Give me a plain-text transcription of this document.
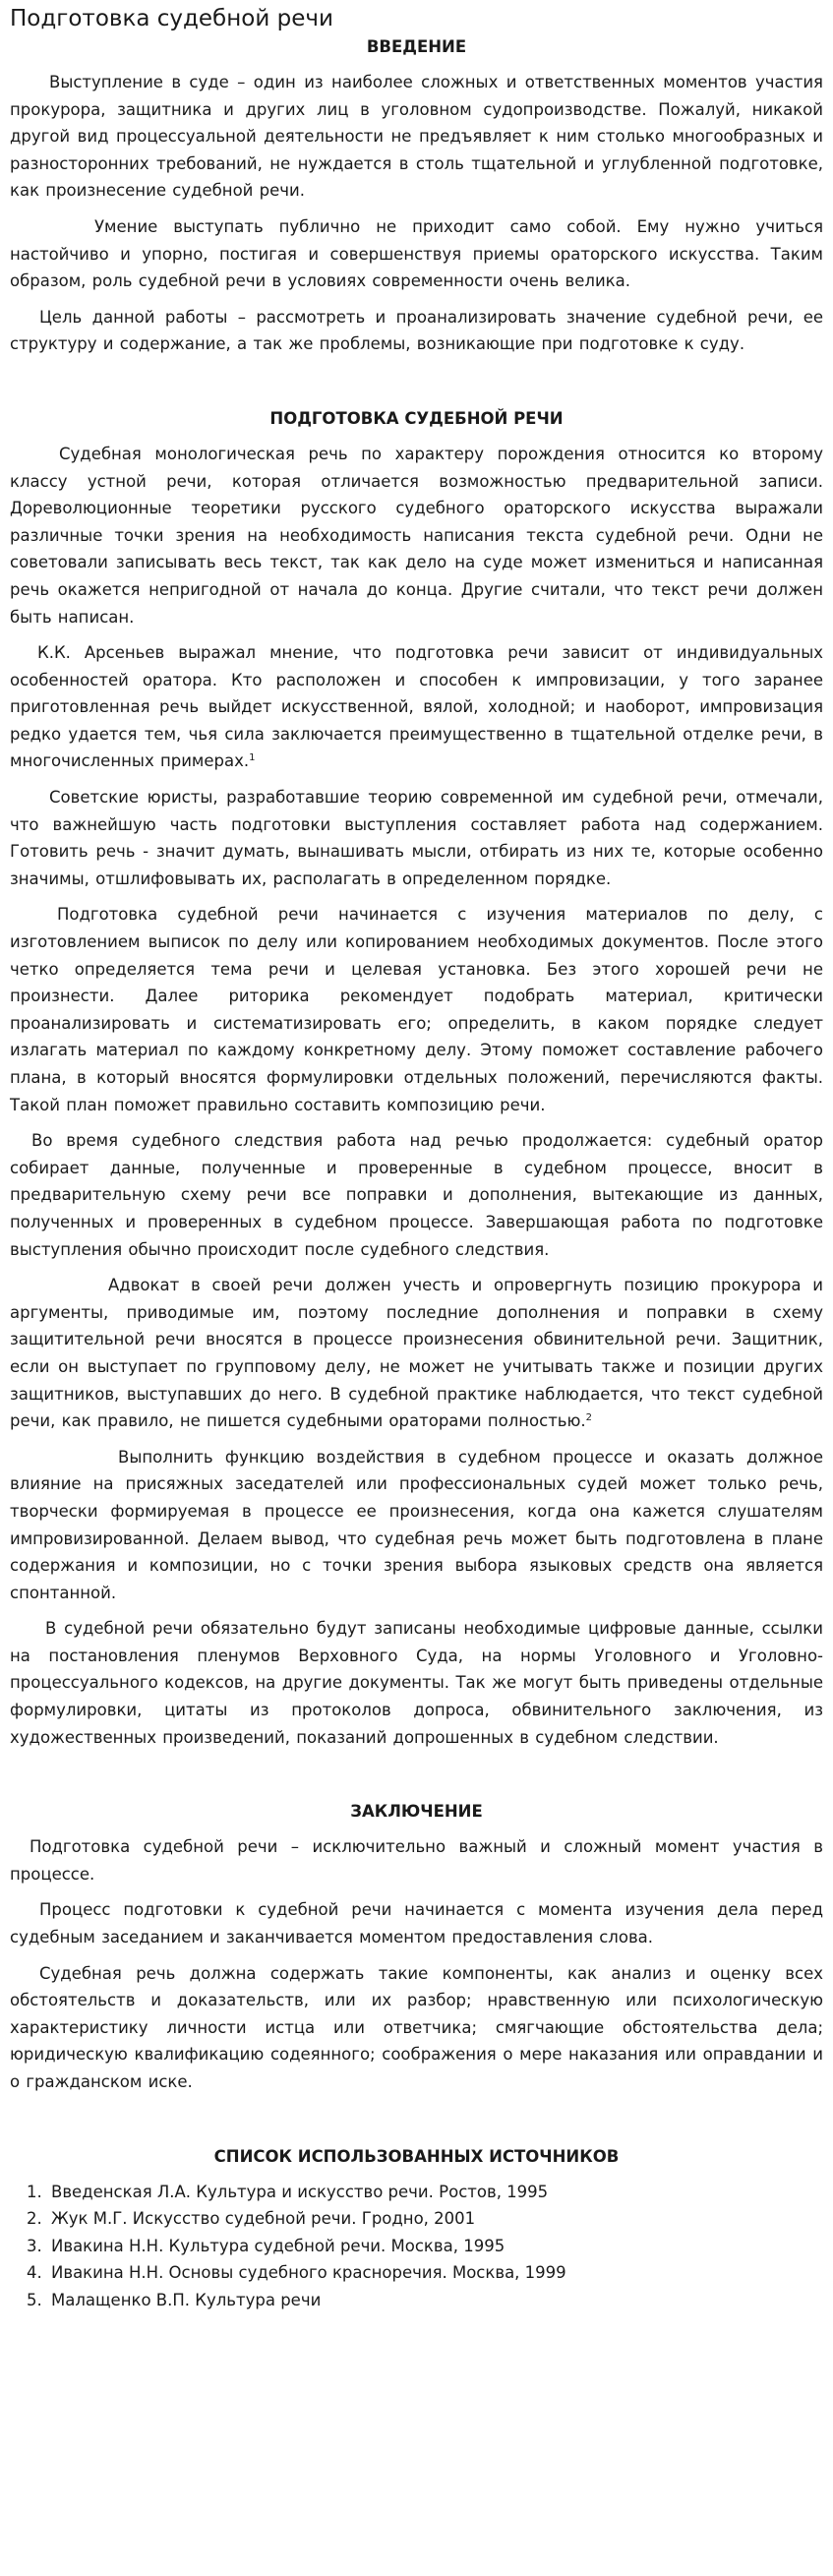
Подготовка судебной речи
ВВЕДЕНИЕ

Выступление в суде – один из наиболее сложных и ответственных моментов участия прокурора, защитника и других лиц в уголовном судопроизводстве. Пожалуй, никакой другой вид процессуальной деятельности не предъявляет к ним столько многообразных и разносторонних требований, не нуждается в столь тщательной и углубленной подготовке, как произнесение судебной речи.

Умение выступать публично не приходит само собой. Ему нужно учиться настойчиво и упорно, постигая и совершенствуя приемы ораторского искусства. Таким образом, роль судебной речи в условиях современности очень велика.

Цель данной работы – рассмотреть и проанализировать значение судебной речи, ее структуру и содержание, а так же проблемы, возникающие при подготовке к суду.

ПОДГОТОВКА СУДЕБНОЙ РЕЧИ

Судебная монологическая речь по характеру порождения относится ко второму классу устной речи, которая отличается возможностью предварительной записи. Дореволюционные теоретики русского судебного ораторского искусства выражали различные точки зрения на необходимость написания текста судебной речи. Одни не советовали записывать весь текст, так как дело на суде может измениться и написанная речь окажется непригодной от начала до конца. Другие считали, что текст речи должен быть написан.

К.К. Арсеньев выражал мнение, что подготовка речи зависит от индивидуальных особенностей оратора. Кто расположен и способен к импровизации, у того заранее приготовленная речь выйдет искусственной, вялой, холодной; и наоборот, импровизация редко удается тем, чья сила заключается преимущественно в тщательной отделке речи, в многочисленных примерах.$^1$

Советские юристы, разработавшие теорию современной им судебной речи, отмечали, что важнейшую часть подготовки выступления составляет работа над содержанием. Готовить речь - значит думать, вынашивать мысли, отбирать из них те, которые особенно значимы, отшлифовывать их, располагать в определенном порядке.

Подготовка судебной речи начинается с изучения материалов по делу, с изготовлением выписок по делу или копированием необходимых документов. После этого четко определяется тема речи и целевая установка. Без этого хорошей речи не произнести. Далее риторика рекомендует подобрать материал, критически проанализировать и систематизировать его; определить, в каком порядке следует излагать материал по каждому конкретному делу. Этому поможет составление рабочего плана, в который вносятся формулировки отдельных положений, перечисляются факты. Такой план поможет правильно составить композицию речи.

Во время судебного следствия работа над речью продолжается: судебный оратор собирает данные, полученные и проверенные в судебном процессе, вносит в предварительную схему речи все поправки и дополнения, вытекающие из данных, полученных и проверенных в судебном процессе. Завершающая работа по подготовке выступления обычно происходит после судебного следствия.

Адвокат в своей речи должен учесть и опровергнуть позицию прокурора и аргументы, приводимые им, поэтому последние дополнения и поправки в схему защитительной речи вносятся в процессе произнесения обвинительной речи. Защитник, если он выступает по групповому делу, не может не учитывать также и позиции других защитников, выступавших до него. В судебной практике наблюдается, что текст судебной речи, как правило, не пишется судебными ораторами полностью.$^2$

Выполнить функцию воздействия в судебном процессе и оказать должное влияние на присяжных заседателей или профессиональных судей может только речь, творчески формируемая в процессе ее произнесения, когда она кажется слушателям импровизированной. Делаем вывод, что судебная речь может быть подготовлена в плане содержания и композиции, но с точки зрения выбора языковых средств она является спонтанной.

В судебной речи обязательно будут записаны необходимые цифровые данные, ссылки на постановления пленумов Верховного Суда, на нормы Уголовного и Уголовно-процессуального кодексов, на другие документы. Так же могут быть приведены отдельные формулировки, цитаты из протоколов допроса, обвинительного заключения, из художественных произведений, показаний допрошенных в судебном следствии.

ЗАКЛЮЧЕНИЕ

Подготовка судебной речи – исключительно важный и сложный момент участия в процессе.

Процесс подготовки к судебной речи начинается с момента изучения дела перед судебным заседанием и заканчивается моментом предоставления слова.

Судебная речь должна содержать такие компоненты, как анализ и оценку всех обстоятельств и доказательств, или их разбор; нравственную или психологическую характеристику личности истца или ответчика; смягчающие обстоятельства дела; юридическую квалификацию содеянного; соображения о мере наказания или оправдании и о гражданском иске.

СПИСОК ИСПОЛЬЗОВАННЫХ ИСТОЧНИКОВ
1. Введенская Л.А. Культура и искусство речи. Ростов, 1995
2. Жук М.Г. Искусство судебной речи. Гродно, 2001
3. Ивакина Н.Н. Культура судебной речи. Москва, 1995
4. Ивакина Н.Н. Основы судебного красноречия. Москва, 1999
5. Малащенко В.П. Культура речи
